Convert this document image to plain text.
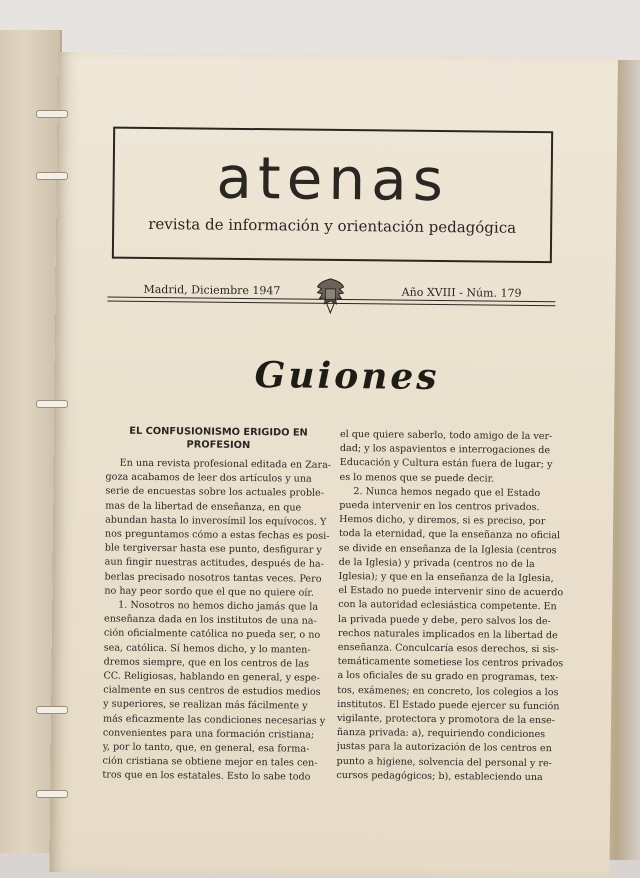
atenas
revista de información y orientación pedagógica
Madrid, Diciembre 1947	Año XVIII - Núm. 179
Guiones
EL CONFUSIONISMO ERIGIDO EN
PROFESION
En una revista profesional editada en Zara-
goza acabamos de leer dos artículos y una
serie de encuestas sobre los actuales proble-
mas de la libertad de enseñanza, en que
abundan hasta lo inverosímil los equívocos. Y
nos preguntamos cómo a estas fechas es posi-
ble tergiversar hasta ese punto, desfigurar y
aun fingir nuestras actitudes, después de ha-
berlas precisado nosotros tantas veces. Pero
no hay peor sordo que el que no quiere oír.
1. Nosotros no hemos dicho jamás que la
enseñanza dada en los institutos de una na-
ción oficialmente católica no pueda ser, o no
sea, católica. Sí hemos dicho, y lo manten-
dremos siempre, que en los centros de las
CC. Religiosas, hablando en general, y espe-
cialmente en sus centros de estudios medios
y superiores, se realizan más fácilmente y
más eficazmente las condiciones necesarias y
convenientes para una formación cristiana;
y, por lo tanto, que, en general, esa forma-
ción cristiana se obtiene mejor en tales cen-
tros que en los estatales. Esto lo sabe todo
el que quiere saberlo, todo amigo de la ver-
dad; y los aspavientos e interrogaciones de
Educación y Cultura están fuera de lugar; y
es lo menos que se puede decir.
2. Nunca hemos negado que el Estado
pueda intervenir en los centros privados.
Hemos dicho, y diremos, si es preciso, por
toda la eternidad, que la enseñanza no oficial
se divide en enseñanza de la Iglesia (centros
de la Iglesia) y privada (centros no de la
Iglesia); y que en la enseñanza de la Iglesia,
el Estado no puede intervenir sino de acuerdo
con la autoridad eclesiástica competente. En
la privada puede y debe, pero salvos los de-
rechos naturales implicados en la libertad de
enseñanza. Conculcaría esos derechos, si sis-
temáticamente sometiese los centros privados
a los oficiales de su grado en programas, tex-
tos, exámenes; en concreto, los colegios a los
institutos. El Estado puede ejercer su función
vigilante, protectora y promotora de la ense-
ñanza privada: a), requiriendo condiciones
justas para la autorización de los centros en
punto a higiene, solvencia del personal y re-
cursos pedagógicos; b), estableciendo una
